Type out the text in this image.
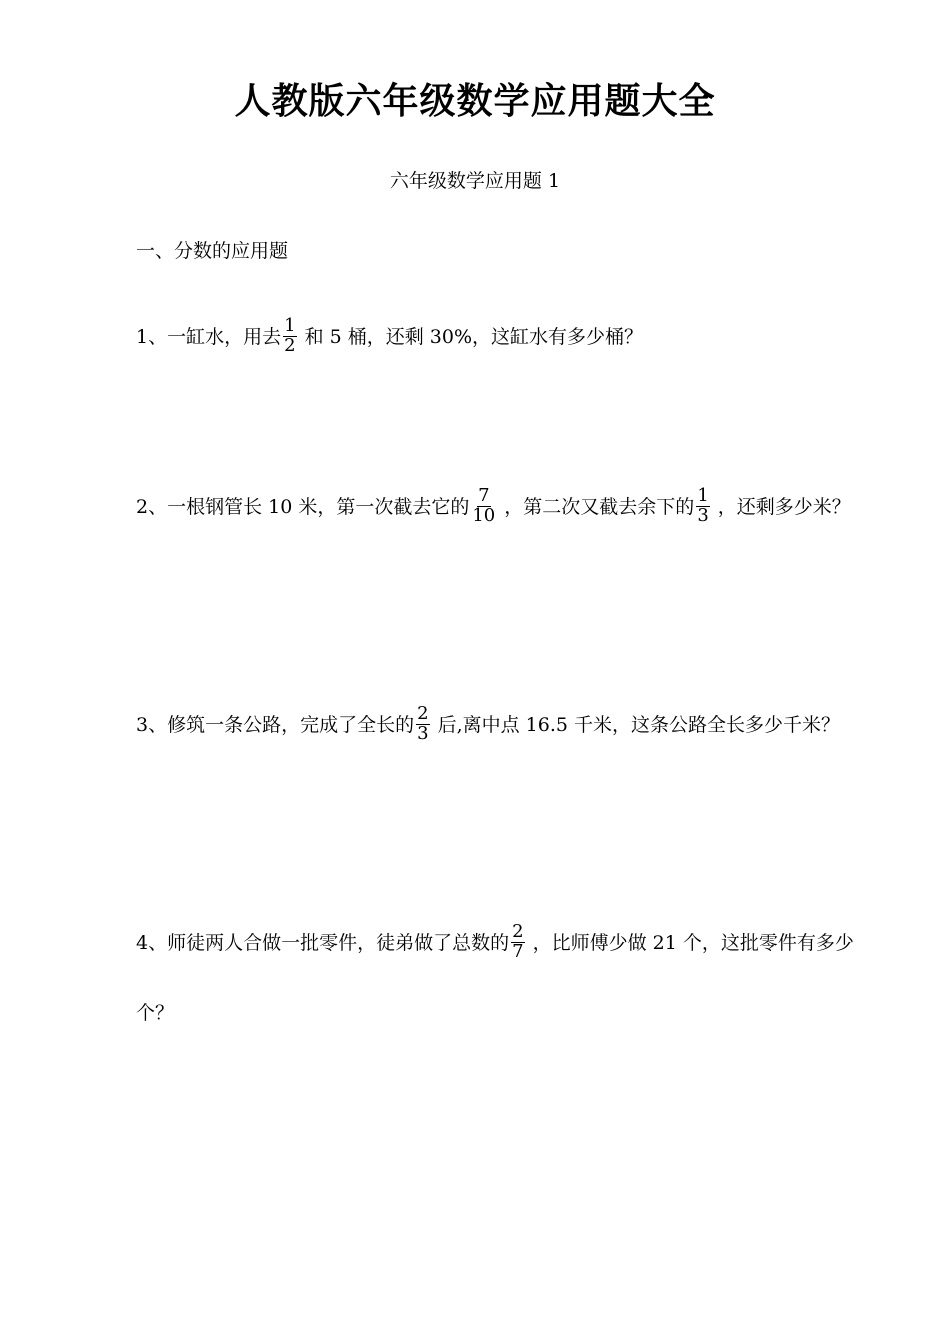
人教版六年级数学应用题大全
六年级数学应用题 1
一、分数的应用题

1、一缸水，用去 $\frac{1}{2}$ 和 5 桶，还剩 30%，这缸水有多少桶？

2、一根钢管长 10 米，第一次截去它的 $\frac{7}{10}$ ，第二次又截去余下的 $\frac{1}{3}$ ，还剩多少米？

3、修筑一条公路，完成了全长的 $\frac{2}{3}$ 后,离中点 16.5 千米，这条公路全长多少千米？

4、师徒两人合做一批零件，徒弟做了总数的 $\frac{2}{7}$ ，比师傅少做 21 个，这批零件有多少个？
